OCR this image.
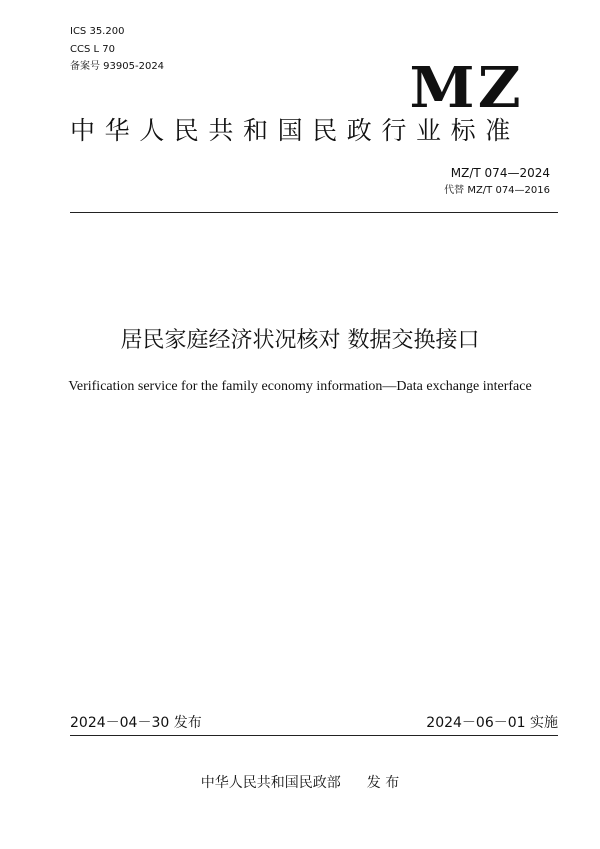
ICS 35.200
CCS L 70
备案号 93905-2024	MZ
中华人民共和国民政行业标准
MZ/T 074—2024
代替 MZ/T 074—2016
居民家庭经济状况核对 数据交换接口
Verification service for the family economy information—Data exchange interface
2024－04－30 发布	2024－06－01 实施
中华人民共和国民政部 发 布
